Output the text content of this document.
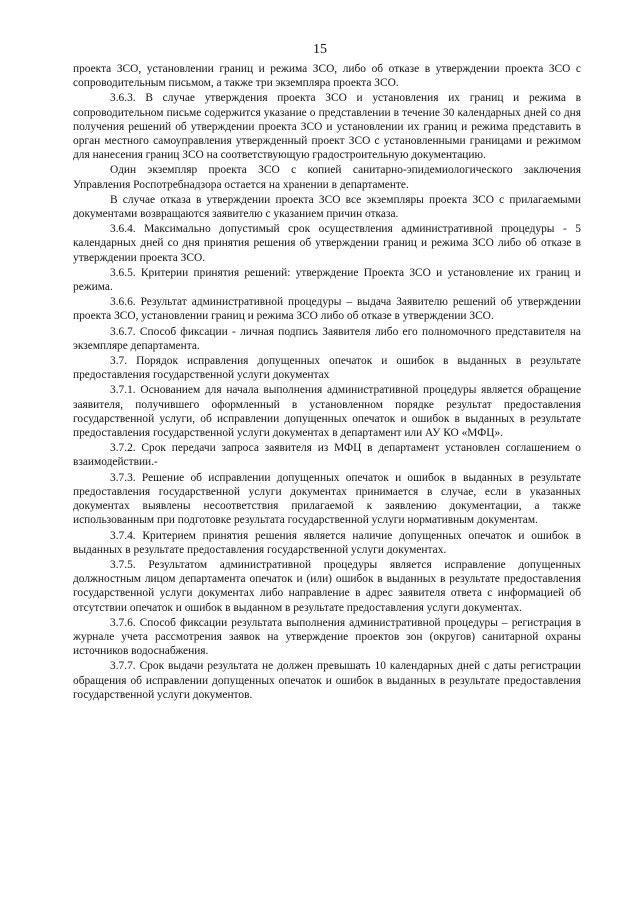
15

проекта ЗСО, установлении границ и режима ЗСО, либо об отказе в утверждении проекта ЗСО с сопроводительным письмом, а также три экземпляра проекта ЗСО.

3.6.3. В случае утверждения проекта ЗСО и установления их границ и режима в сопроводительном письме содержится указание о представлении в течение 30 календарных дней со дня получения решений об утверждении проекта ЗСО и установлении их границ и режима представить в орган местного самоуправления утвержденный проект ЗСО с установленными границами и режимом для нанесения границ ЗСО на соответствующую градостроительную документацию.

Один экземпляр проекта ЗСО с копией санитарно-эпидемиологического заключения Управления Роспотребнадзора остается на хранении в департаменте.

В случае отказа в утверждении проекта ЗСО все экземпляры проекта ЗСО с прилагаемыми документами возвращаются заявителю с указанием причин отказа.

3.6.4. Максимально допустимый срок осуществления административной процедуры - 5 календарных дней со дня принятия решения об утверждении границ и режима ЗСО либо об отказе в утверждении проекта ЗСО.

3.6.5. Критерии принятия решений: утверждение Проекта ЗСО и установление их границ и режима.

3.6.6. Результат административной процедуры – выдача Заявителю решений об утверждении проекта ЗСО, установлении границ и режима ЗСО либо об отказе в утверждении ЗСО.

3.6.7. Способ фиксации - личная подпись Заявителя либо его полномочного представителя на экземпляре департамента.

3.7. Порядок исправления допущенных опечаток и ошибок в выданных в результате предоставления государственной услуги документах

3.7.1. Основанием для начала выполнения административной процедуры является обращение заявителя, получившего оформленный в установленном порядке результат предоставления государственной услуги, об исправлении допущенных опечаток и ошибок в выданных в результате предоставления государственной услуги документах в департамент или АУ КО «МФЦ».

3.7.2. Срок передачи запроса заявителя из МФЦ в департамент установлен соглашением о взаимодействии.-

3.7.3. Решение об исправлении допущенных опечаток и ошибок в выданных в результате предоставления государственной услуги документах принимается в случае, если в указанных документах выявлены несоответствия прилагаемой к заявлению документации, а также использованным при подготовке результата государственной услуги нормативным документам.

3.7.4. Критерием принятия решения является наличие допущенных опечаток и ошибок в выданных в результате предоставления государственной услуги документах.

3.7.5. Результатом административной процедуры является исправление допущенных должностным лицом департамента опечаток и (или) ошибок в выданных в результате предоставления государственной услуги документах либо направление в адрес заявителя ответа с информацией об отсутствии опечаток и ошибок в выданном в результате предоставления услуги документах.

3.7.6. Способ фиксации результата выполнения административной процедуры – регистрация в журнале учета рассмотрения заявок на утверждение проектов зон (округов) санитарной охраны источников водоснабжения.

3.7.7. Срок выдачи результата не должен превышать 10 календарных дней с даты регистрации обращения об исправлении допущенных опечаток и ошибок в выданных в результате предоставления государственной услуги документов.
